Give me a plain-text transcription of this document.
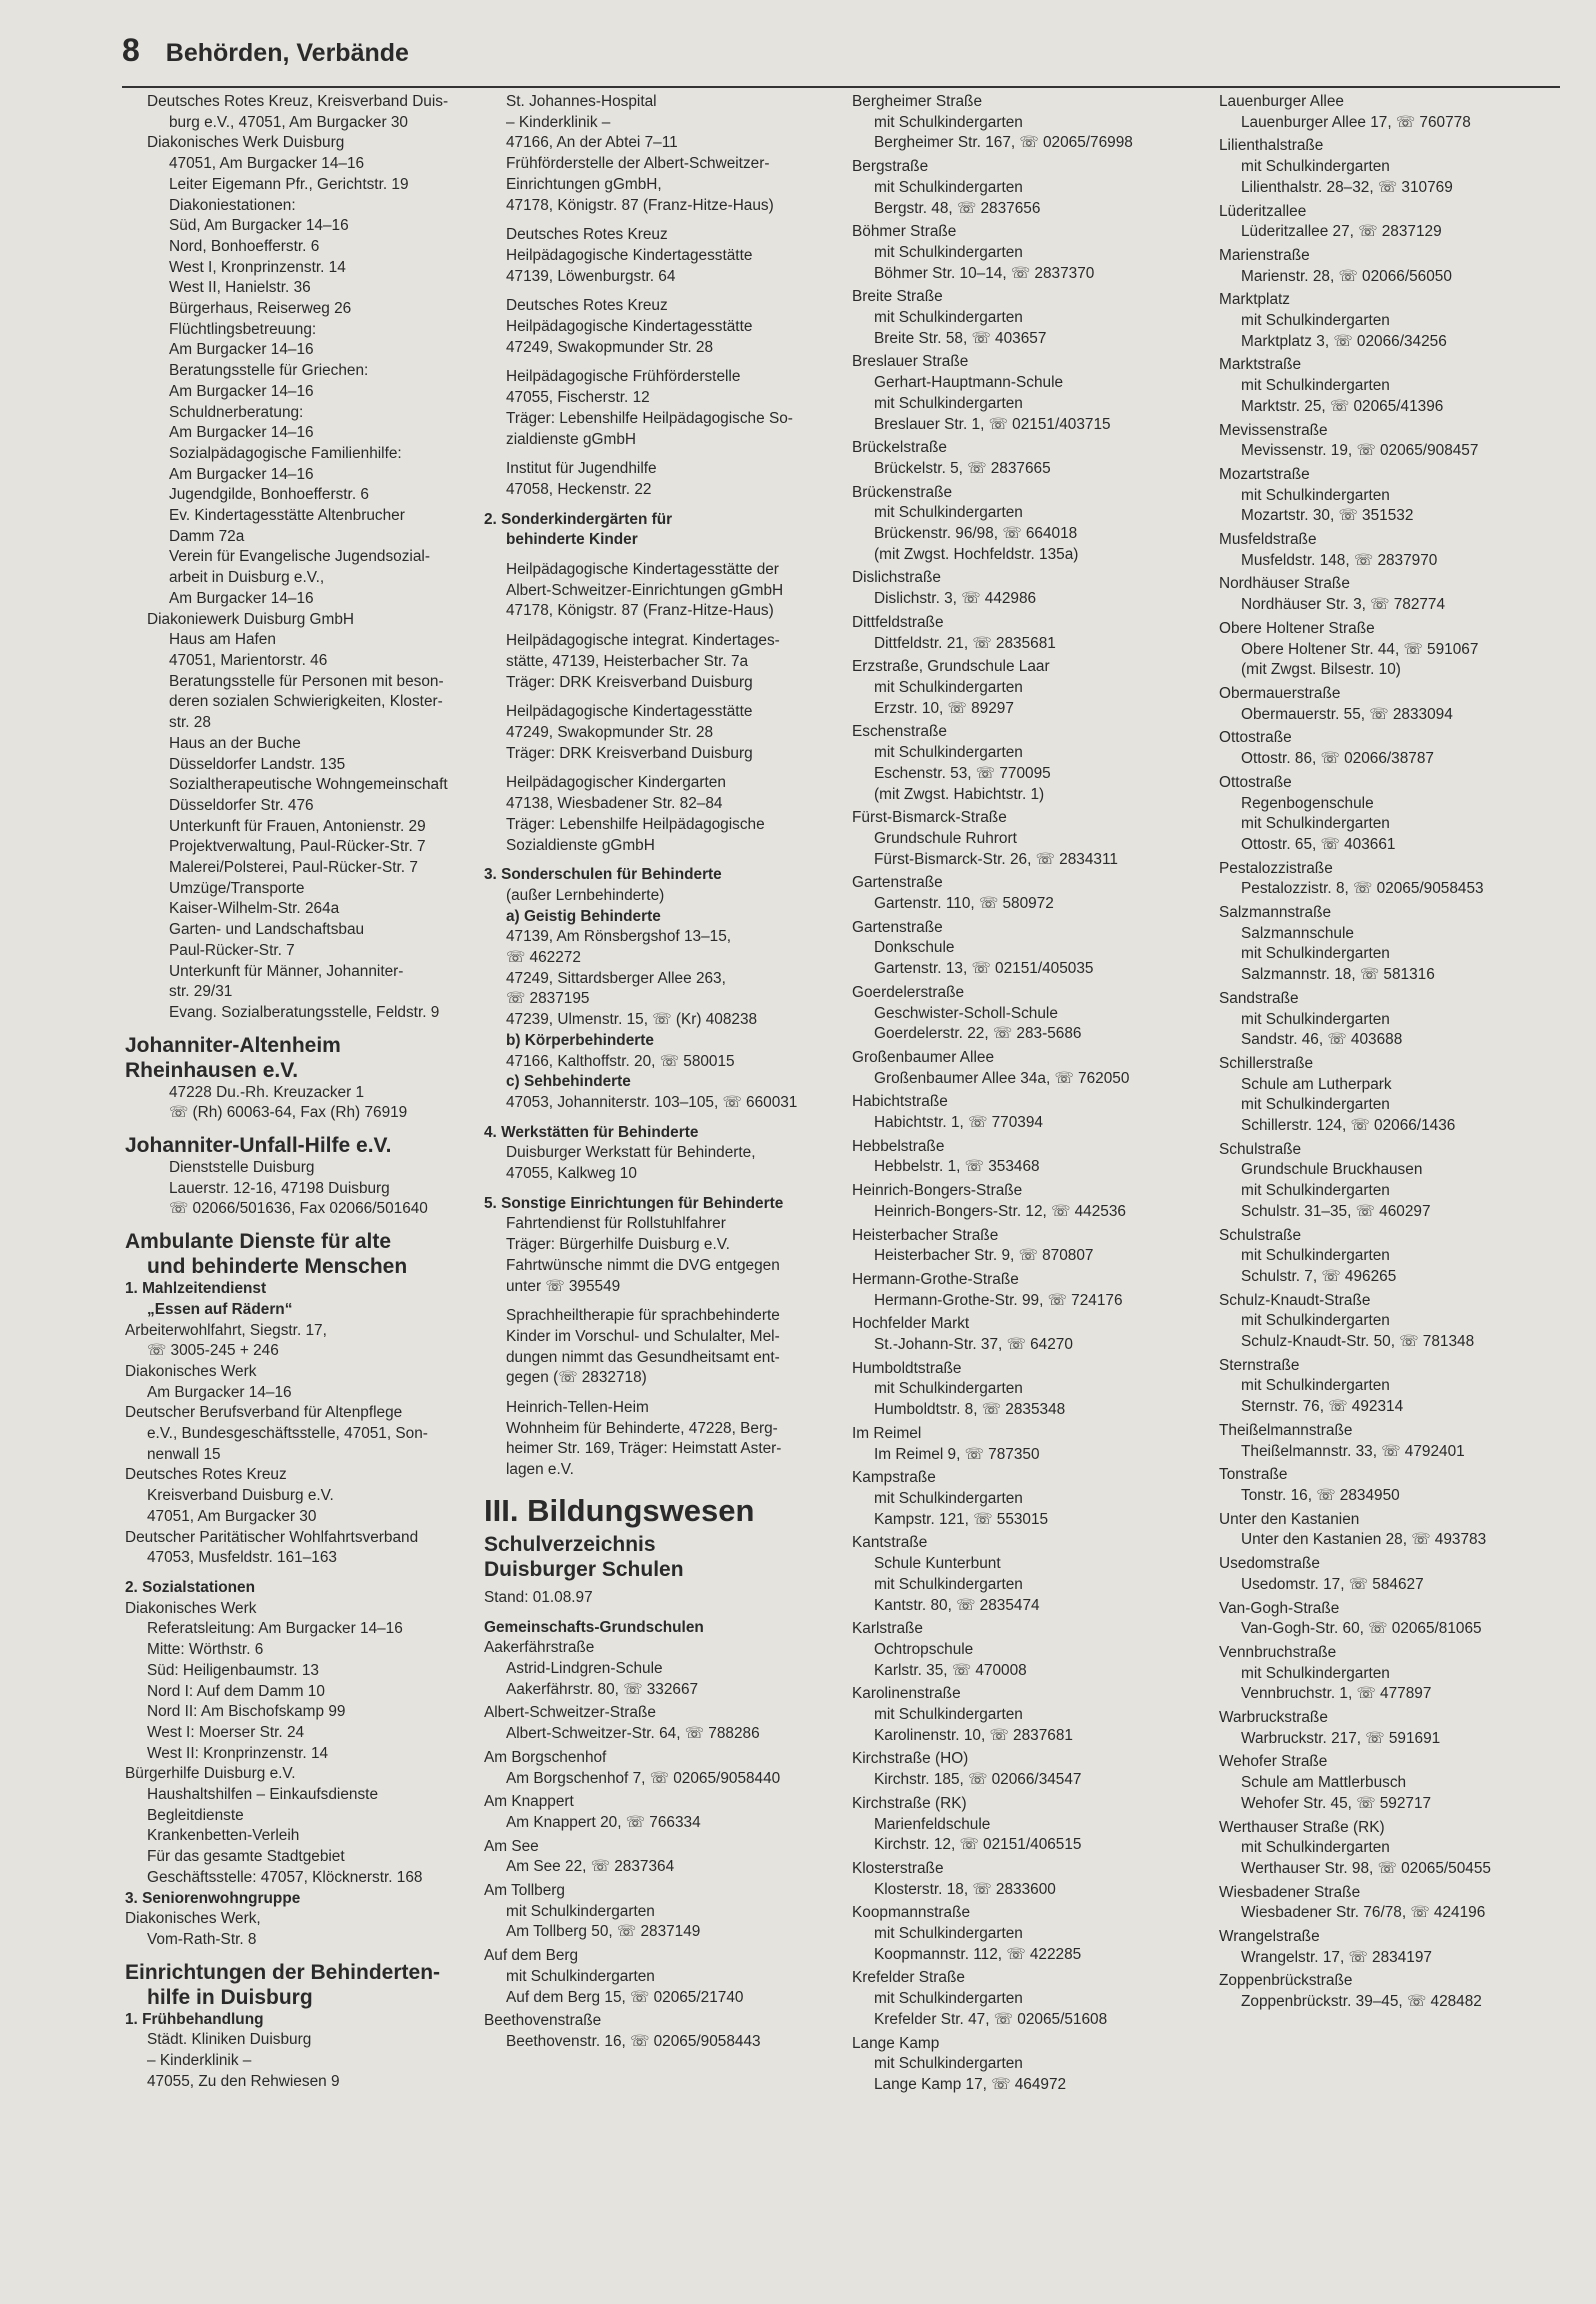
8 Behörden, Verbände
Deutsches Rotes Kreuz, Kreisverband Duis-
burg e.V., 47051, Am Burgacker 30
Diakonisches Werk Duisburg
47051, Am Burgacker 14–16
Leiter Eigemann Pfr., Gerichtstr. 19
Diakoniestationen:
Süd, Am Burgacker 14–16
Nord, Bonhoefferstr. 6
West I, Kronprinzenstr. 14
West II, Hanielstr. 36
Bürgerhaus, Reiserweg 26
Flüchtlingsbetreuung:
Am Burgacker 14–16
Beratungsstelle für Griechen:
Am Burgacker 14–16
Schuldnerberatung:
Am Burgacker 14–16
Sozialpädagogische Familienhilfe:
Am Burgacker 14–16
Jugendgilde, Bonhoefferstr. 6
Ev. Kindertagesstätte Altenbrucher
Damm 72a
Verein für Evangelische Jugendsozial-
arbeit in Duisburg e.V.,
Am Burgacker 14–16
Diakoniewerk Duisburg GmbH
Haus am Hafen
47051, Marientorstr. 46
Beratungsstelle für Personen mit beson-
deren sozialen Schwierigkeiten, Kloster-
str. 28
Haus an der Buche
Düsseldorfer Landstr. 135
Sozialtherapeutische Wohngemeinschaft
Düsseldorfer Str. 476
Unterkunft für Frauen, Antonienstr. 29
Projektverwaltung, Paul-Rücker-Str. 7
Malerei/Polsterei, Paul-Rücker-Str. 7
Umzüge/Transporte
Kaiser-Wilhelm-Str. 264a
Garten- und Landschaftsbau
Paul-Rücker-Str. 7
Unterkunft für Männer, Johanniter-
str. 29/31
Evang. Sozialberatungsstelle, Feldstr. 9
Johanniter-Altenheim
Rheinhausen e.V.
47228 Du.-Rh. Kreuzacker 1
☏ (Rh) 60063-64, Fax (Rh) 76919
Johanniter-Unfall-Hilfe e.V.
Dienststelle Duisburg
Lauerstr. 12-16, 47198 Duisburg
☏ 02066/501636, Fax 02066/501640
Ambulante Dienste für alte
und behinderte Menschen
1. Mahlzeitendienst
„Essen auf Rädern“
Arbeiterwohlfahrt, Siegstr. 17,
☏ 3005-245 + 246
Diakonisches Werk
Am Burgacker 14–16
Deutscher Berufsverband für Altenpflege
e.V., Bundesgeschäftsstelle, 47051, Son-
nenwall 15
Deutsches Rotes Kreuz
Kreisverband Duisburg e.V.
47051, Am Burgacker 30
Deutscher Paritätischer Wohlfahrtsverband
47053, Musfeldstr. 161–163
2. Sozialstationen
Diakonisches Werk
Referatsleitung: Am Burgacker 14–16
Mitte: Wörthstr. 6
Süd: Heiligenbaumstr. 13
Nord I: Auf dem Damm 10
Nord II: Am Bischofskamp 99
West I: Moerser Str. 24
West II: Kronprinzenstr. 14
Bürgerhilfe Duisburg e.V.
Haushaltshilfen – Einkaufsdienste
Begleitdienste
Krankenbetten-Verleih
Für das gesamte Stadtgebiet
Geschäftsstelle: 47057, Klöcknerstr. 168
3. Seniorenwohngruppe
Diakonisches Werk,
Vom-Rath-Str. 8
Einrichtungen der Behinderten-
hilfe in Duisburg
1. Frühbehandlung
Städt. Kliniken Duisburg
– Kinderklinik –
47055, Zu den Rehwiesen 9
St. Johannes-Hospital
– Kinderklinik –
47166, An der Abtei 7–11
Frühförderstelle der Albert-Schweitzer-
Einrichtungen gGmbH,
47178, Königstr. 87 (Franz-Hitze-Haus)
Deutsches Rotes Kreuz
Heilpädagogische Kindertagesstätte
47139, Löwenburgstr. 64
Deutsches Rotes Kreuz
Heilpädagogische Kindertagesstätte
47249, Swakopmunder Str. 28
Heilpädagogische Frühförderstelle
47055, Fischerstr. 12
Träger: Lebenshilfe Heilpädagogische So-
zialdienste gGmbH
Institut für Jugendhilfe
47058, Heckenstr. 22
2. Sonderkindergärten für
behinderte Kinder
Heilpädagogische Kindertagesstätte der
Albert-Schweitzer-Einrichtungen gGmbH
47178, Königstr. 87 (Franz-Hitze-Haus)
Heilpädagogische integrat. Kindertages-
stätte, 47139, Heisterbacher Str. 7a
Träger: DRK Kreisverband Duisburg
Heilpädagogische Kindertagesstätte
47249, Swakopmunder Str. 28
Träger: DRK Kreisverband Duisburg
Heilpädagogischer Kindergarten
47138, Wiesbadener Str. 82–84
Träger: Lebenshilfe Heilpädagogische
Sozialdienste gGmbH
3. Sonderschulen für Behinderte
(außer Lernbehinderte)
a) Geistig Behinderte
47139, Am Rönsbergshof 13–15,
☏ 462272
47249, Sittardsberger Allee 263,
☏ 2837195
47239, Ulmenstr. 15, ☏ (Kr) 408238
b) Körperbehinderte
47166, Kalthoffstr. 20, ☏ 580015
c) Sehbehinderte
47053, Johanniterstr. 103–105, ☏ 660031
4. Werkstätten für Behinderte
Duisburger Werkstatt für Behinderte,
47055, Kalkweg 10
5. Sonstige Einrichtungen für Behinderte
Fahrtendienst für Rollstuhlfahrer
Träger: Bürgerhilfe Duisburg e.V.
Fahrtwünsche nimmt die DVG entgegen
unter ☏ 395549
Sprachheiltherapie für sprachbehinderte
Kinder im Vorschul- und Schulalter, Mel-
dungen nimmt das Gesundheitsamt ent-
gegen (☏ 2832718)
Heinrich-Tellen-Heim
Wohnheim für Behinderte, 47228, Berg-
heimer Str. 169, Träger: Heimstatt Aster-
lagen e.V.
III. Bildungswesen
Schulverzeichnis
Duisburger Schulen
Stand: 01.08.97
Gemeinschafts-Grundschulen
Aakerfährstraße
Astrid-Lindgren-Schule
Aakerfährstr. 80, ☏ 332667
Albert-Schweitzer-Straße
Albert-Schweitzer-Str. 64, ☏ 788286
Am Borgschenhof
Am Borgschenhof 7, ☏ 02065/9058440
Am Knappert
Am Knappert 20, ☏ 766334
Am See
Am See 22, ☏ 2837364
Am Tollberg
mit Schulkindergarten
Am Tollberg 50, ☏ 2837149
Auf dem Berg
mit Schulkindergarten
Auf dem Berg 15, ☏ 02065/21740
Beethovenstraße
Beethovenstr. 16, ☏ 02065/9058443
Bergheimer Straße
mit Schulkindergarten
Bergheimer Str. 167, ☏ 02065/76998
Bergstraße
mit Schulkindergarten
Bergstr. 48, ☏ 2837656
Böhmer Straße
mit Schulkindergarten
Böhmer Str. 10–14, ☏ 2837370
Breite Straße
mit Schulkindergarten
Breite Str. 58, ☏ 403657
Breslauer Straße
Gerhart-Hauptmann-Schule
mit Schulkindergarten
Breslauer Str. 1, ☏ 02151/403715
Brückelstraße
Brückelstr. 5, ☏ 2837665
Brückenstraße
mit Schulkindergarten
Brückenstr. 96/98, ☏ 664018
(mit Zwgst. Hochfeldstr. 135a)
Dislichstraße
Dislichstr. 3, ☏ 442986
Dittfeldstraße
Dittfeldstr. 21, ☏ 2835681
Erzstraße, Grundschule Laar
mit Schulkindergarten
Erzstr. 10, ☏ 89297
Eschenstraße
mit Schulkindergarten
Eschenstr. 53, ☏ 770095
(mit Zwgst. Habichtstr. 1)
Fürst-Bismarck-Straße
Grundschule Ruhrort
Fürst-Bismarck-Str. 26, ☏ 2834311
Gartenstraße
Gartenstr. 110, ☏ 580972
Gartenstraße
Donkschule
Gartenstr. 13, ☏ 02151/405035
Goerdelerstraße
Geschwister-Scholl-Schule
Goerdelerstr. 22, ☏ 283-5686
Großenbaumer Allee
Großenbaumer Allee 34a, ☏ 762050
Habichtstraße
Habichtstr. 1, ☏ 770394
Hebbelstraße
Hebbelstr. 1, ☏ 353468
Heinrich-Bongers-Straße
Heinrich-Bongers-Str. 12, ☏ 442536
Heisterbacher Straße
Heisterbacher Str. 9, ☏ 870807
Hermann-Grothe-Straße
Hermann-Grothe-Str. 99, ☏ 724176
Hochfelder Markt
St.-Johann-Str. 37, ☏ 64270
Humboldtstraße
mit Schulkindergarten
Humboldtstr. 8, ☏ 2835348
Im Reimel
Im Reimel 9, ☏ 787350
Kampstraße
mit Schulkindergarten
Kampstr. 121, ☏ 553015
Kantstraße
Schule Kunterbunt
mit Schulkindergarten
Kantstr. 80, ☏ 2835474
Karlstraße
Ochtropschule
Karlstr. 35, ☏ 470008
Karolinenstraße
mit Schulkindergarten
Karolinenstr. 10, ☏ 2837681
Kirchstraße (HO)
Kirchstr. 185, ☏ 02066/34547
Kirchstraße (RK)
Marienfeldschule
Kirchstr. 12, ☏ 02151/406515
Klosterstraße
Klosterstr. 18, ☏ 2833600
Koopmannstraße
mit Schulkindergarten
Koopmannstr. 112, ☏ 422285
Krefelder Straße
mit Schulkindergarten
Krefelder Str. 47, ☏ 02065/51608
Lange Kamp
mit Schulkindergarten
Lange Kamp 17, ☏ 464972
Lauenburger Allee
Lauenburger Allee 17, ☏ 760778
Lilienthalstraße
mit Schulkindergarten
Lilienthalstr. 28–32, ☏ 310769
Lüderitzallee
Lüderitzallee 27, ☏ 2837129
Marienstraße
Marienstr. 28, ☏ 02066/56050
Marktplatz
mit Schulkindergarten
Marktplatz 3, ☏ 02066/34256
Marktstraße
mit Schulkindergarten
Marktstr. 25, ☏ 02065/41396
Mevissenstraße
Mevissenstr. 19, ☏ 02065/908457
Mozartstraße
mit Schulkindergarten
Mozartstr. 30, ☏ 351532
Musfeldstraße
Musfeldstr. 148, ☏ 2837970
Nordhäuser Straße
Nordhäuser Str. 3, ☏ 782774
Obere Holtener Straße
Obere Holtener Str. 44, ☏ 591067
(mit Zwgst. Bilsestr. 10)
Obermauerstraße
Obermauerstr. 55, ☏ 2833094
Ottostraße
Ottostr. 86, ☏ 02066/38787
Ottostraße
Regenbogenschule
mit Schulkindergarten
Ottostr. 65, ☏ 403661
Pestalozzistraße
Pestalozzistr. 8, ☏ 02065/9058453
Salzmannstraße
Salzmannschule
mit Schulkindergarten
Salzmannstr. 18, ☏ 581316
Sandstraße
mit Schulkindergarten
Sandstr. 46, ☏ 403688
Schillerstraße
Schule am Lutherpark
mit Schulkindergarten
Schillerstr. 124, ☏ 02066/1436
Schulstraße
Grundschule Bruckhausen
mit Schulkindergarten
Schulstr. 31–35, ☏ 460297
Schulstraße
mit Schulkindergarten
Schulstr. 7, ☏ 496265
Schulz-Knaudt-Straße
mit Schulkindergarten
Schulz-Knaudt-Str. 50, ☏ 781348
Sternstraße
mit Schulkindergarten
Sternstr. 76, ☏ 492314
Theißelmannstraße
Theißelmannstr. 33, ☏ 4792401
Tonstraße
Tonstr. 16, ☏ 2834950
Unter den Kastanien
Unter den Kastanien 28, ☏ 493783
Usedomstraße
Usedomstr. 17, ☏ 584627
Van-Gogh-Straße
Van-Gogh-Str. 60, ☏ 02065/81065
Vennbruchstraße
mit Schulkindergarten
Vennbruchstr. 1, ☏ 477897
Warbruckstraße
Warbruckstr. 217, ☏ 591691
Wehofer Straße
Schule am Mattlerbusch
Wehofer Str. 45, ☏ 592717
Werthauser Straße (RK)
mit Schulkindergarten
Werthauser Str. 98, ☏ 02065/50455
Wiesbadener Straße
Wiesbadener Str. 76/78, ☏ 424196
Wrangelstraße
Wrangelstr. 17, ☏ 2834197
Zoppenbrückstraße
Zoppenbrückstr. 39–45, ☏ 428482
